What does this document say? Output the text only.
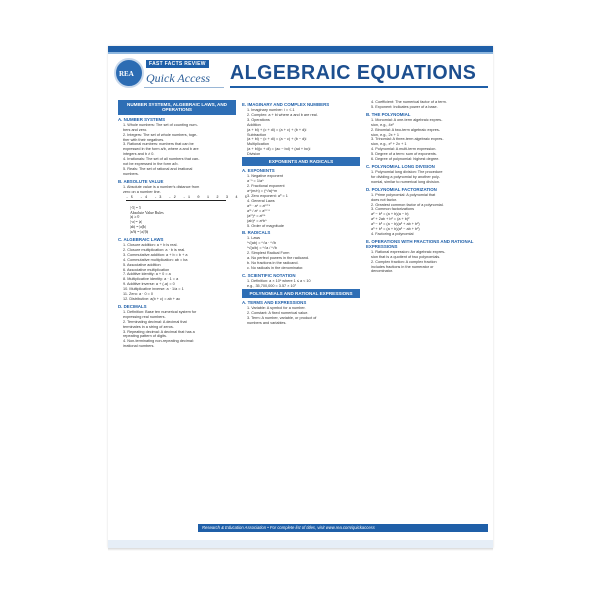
REA
FAST FACTS REVIEW
Quick Access ALGEBRAIC EQUATIONS
NUMBER SYSTEMS, ALGEBRAIC LAWS, AND OPERATIONS
A. NUMBER SYSTEMS
1. Whole numbers: The set of counting num-
bers and zero.
2. Integers: The set of whole numbers, toge-
ther with their negatives.
3. Rational numbers: numbers that can be
expressed in the form a/b, where a and b are
integers and b ≠ 0.
4. Irrationals: The set of all numbers that can-
not be expressed in the form a/b.
5. Reals: The set of rational and irrational
numbers.
B. ABSOLUTE VALUE
1. Absolute value is a number's distance from
zero on a number line.
-5 -4 -3 -2 -1 0 1 2 3 4 5
|-5| = 5
Absolute Value Rules
|a| ≥ 0
|-a| = |a|
|ab| = |a||b|
|a/b| = |a|/|b|
C. ALGEBRAIC LAWS
1. Closure addition: a + b is real.
2. Closure multiplication: a · b is real.
3. Commutative addition: a + b = b + a
4. Commutative multiplication: ab = ba
5. Associative addition
6. Associative multiplication
7. Additive identity: a + 0 = a
8. Multiplicative identity: a · 1 = a
9. Additive inverse: a + (-a) = 0
10. Multiplicative inverse: a · 1/a = 1
11. Zero: a · 0 = 0
12. Distributive: a(b + c) = ab + ac
D. DECIMALS
1. Definition: Base ten numerical system for
expressing real numbers.
2. Terminating decimal: A decimal that
terminates in a string of zeros.
3. Repeating decimal: A decimal that has a
repeating pattern of digits.
4. Non-terminating non-repeating decimal:
irrational numbers.
E. IMAGINARY AND COMPLEX NUMBERS
1. Imaginary number: i = √-1
2. Complex: a + bi where a and b are real.
3. Operations
Addition
(a + bi) + (c + di) = (a + c) + (b + d)i
Subtraction
(a + bi) − (c + di) = (a − c) + (b − d)i
Multiplication
(a + bi)(c + di) = (ac − bd) + (ad + bc)i
Division
EXPONENTS AND RADICALS
A. EXPONENTS
1. Negative exponent
a⁻ⁿ = 1/aⁿ
2. Fractional exponent
a^(m/n) = (ⁿ√a)^m
3. Zero exponent: a⁰ = 1
4. General Laws
aᵐ · aⁿ = aᵐ⁺ⁿ
aᵐ / aⁿ = aᵐ⁻ⁿ
(aᵐ)ⁿ = aᵐⁿ
(ab)ⁿ = aⁿbⁿ
5. Order of magnitude
B. RADICALS
1. Laws
ⁿ√(ab) = ⁿ√a · ⁿ√b
ⁿ√(a/b) = ⁿ√a / ⁿ√b
2. Simplest Radical Form
a. No perfect powers in the radicand.
b. No fractions in the radicand.
c. No radicals in the denominator.
C. SCIENTIFIC NOTATION
1. Definition: a × 10ⁿ where 1 ≤ a < 10
e.g., 35,700,000 = 3.57 × 10⁷
POLYNOMIALS AND RATIONAL EXPRESSIONS
A. TERMS AND EXPRESSIONS
1. Variable: A symbol for a number.
2. Constant: A fixed numerical value.
3. Term: A number, variable, or product of
numbers and variables.
4. Coefficient: The numerical factor of a term.
5. Exponent: Indicates power of a base.
B. THE POLYNOMIAL
1. Monomial: A one-term algebraic expres-
sion, e.g., 4x²
2. Binomial: A two-term algebraic expres-
sion, e.g., 2x + 1
3. Trinomial: A three-term algebraic expres-
sion, e.g., x² + 2x + 1
4. Polynomial: A multi-term expression.
5. Degree of a term: sum of exponents.
6. Degree of polynomial: highest degree.
C. POLYNOMIAL LONG DIVISION
1. Polynomial long division: The procedure
for dividing a polynomial by another poly-
nomial, similar to numerical long division.
D. POLYNOMIAL FACTORIZATION
1. Prime polynomial: A polynomial that
does not factor.
2. Greatest common factor of a polynomial.
3. Common factorizations
a² − b² = (a + b)(a − b)
a² + 2ab + b² = (a + b)²
a³ − b³ = (a − b)(a² + ab + b²)
a³ + b³ = (a + b)(a² − ab + b²)
4. Factoring a polynomial
E. OPERATIONS WITH FRACTIONS AND RATIONAL EXPRESSIONS
1. Rational expression: An algebraic expres-
sion that is a quotient of two polynomials.
2. Complex fraction: A complex fraction
includes fractions in the numerator or
denominator.
Research & Education Association • For complete list of titles, visit www.rea.com/quickaccess
